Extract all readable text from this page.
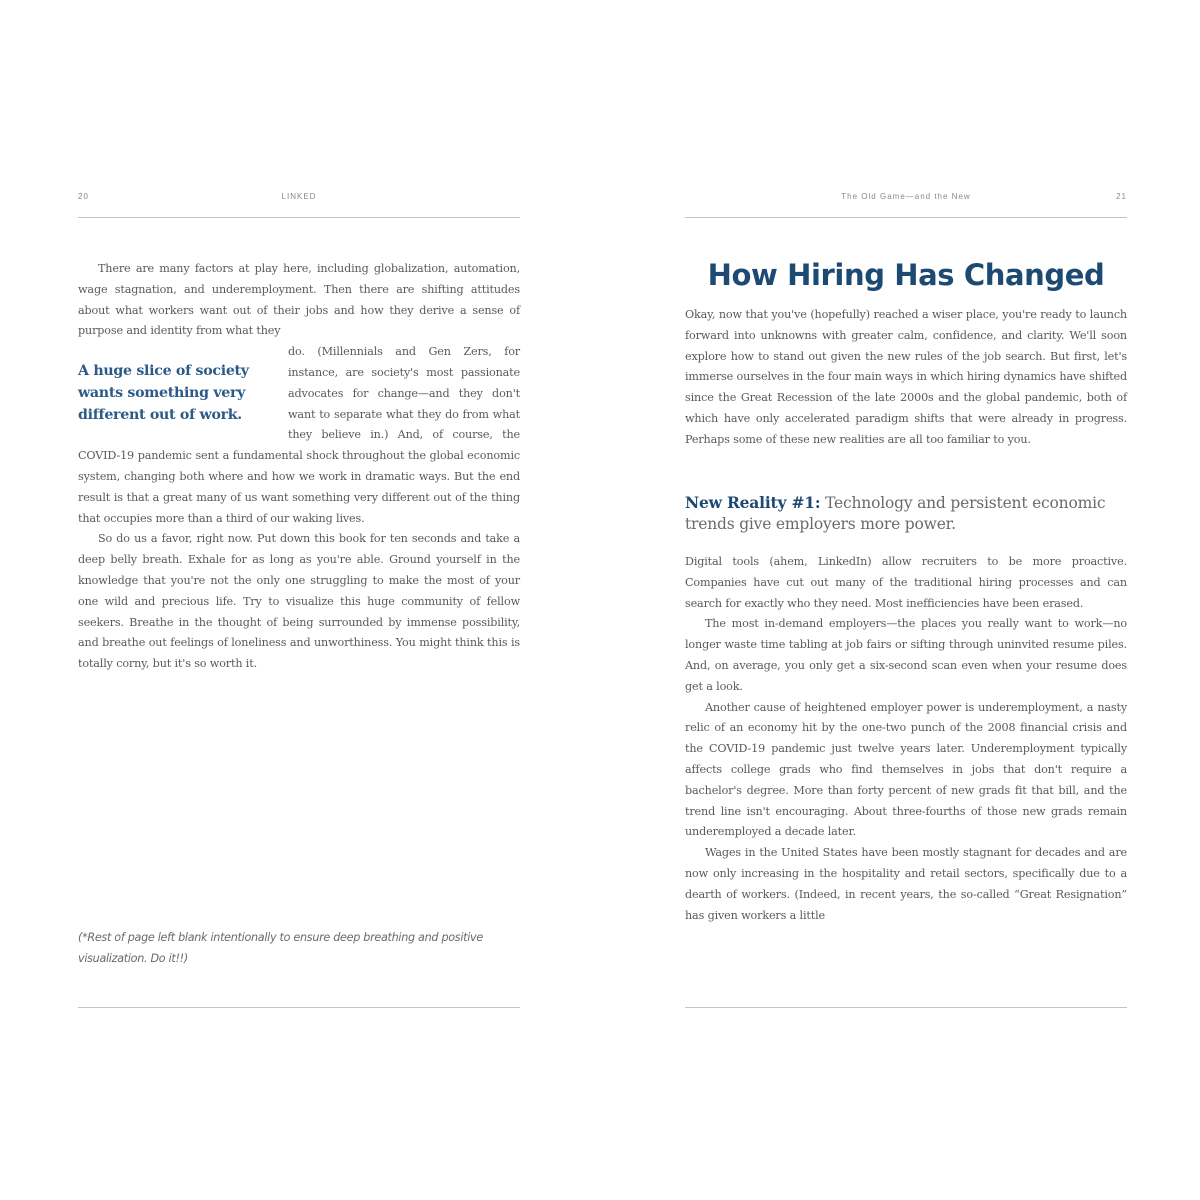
20	LINKED

There are many factors at play here, including globalization, automation, wage stagnation, and underemployment. Then there are shifting attitudes about what workers want out of their jobs and how they derive a sense of purpose and identity from what they

A huge slice of society wants something very different out of work.

do. (Millennials and Gen Zers, for instance, are society's most passionate advocates for change—and they don't want to separate what they do from what they believe in.) And, of course, the COVID-19 pandemic sent a fundamental shock throughout the global economic system, changing both where and how we work in dramatic ways. But the end result is that a great many of us want something very different out of the thing that occupies more than a third of our waking lives.

So do us a favor, right now. Put down this book for ten seconds and take a deep belly breath. Exhale for as long as you're able. Ground yourself in the knowledge that you're not the only one struggling to make the most of your one wild and precious life. Try to visualize this huge community of fellow seekers. Breathe in the thought of being surrounded by immense possibility, and breathe out feelings of loneliness and unworthiness. You might think this is totally corny, but it's so worth it.

(*Rest of page left blank intentionally to ensure deep breathing and positive visualization. Do it!!)
The Old Game—and the New	21
How Hiring Has Changed

Okay, now that you've (hopefully) reached a wiser place, you're ready to launch forward into unknowns with greater calm, confidence, and clarity. We'll soon explore how to stand out given the new rules of the job search. But first, let's immerse ourselves in the four main ways in which hiring dynamics have shifted since the Great Recession of the late 2000s and the global pandemic, both of which have only accelerated paradigm shifts that were already in progress. Perhaps some of these new realities are all too familiar to you.

New Reality #1: Technology and persistent economic trends give employers more power.

Digital tools (ahem, LinkedIn) allow recruiters to be more proactive. Companies have cut out many of the traditional hiring processes and can search for exactly who they need. Most inefficiencies have been erased.

The most in-demand employers—the places you really want to work—no longer waste time tabling at job fairs or sifting through uninvited resume piles. And, on average, you only get a six-second scan even when your resume does get a look.

Another cause of heightened employer power is underemployment, a nasty relic of an economy hit by the one-two punch of the 2008 financial crisis and the COVID-19 pandemic just twelve years later. Underemployment typically affects college grads who find themselves in jobs that don't require a bachelor's degree. More than forty percent of new grads fit that bill, and the trend line isn't encouraging. About three-fourths of those new grads remain underemployed a decade later.

Wages in the United States have been mostly stagnant for decades and are now only increasing in the hospitality and retail sectors, specifically due to a dearth of workers. (Indeed, in recent years, the so-called “Great Resignation” has given workers a little
